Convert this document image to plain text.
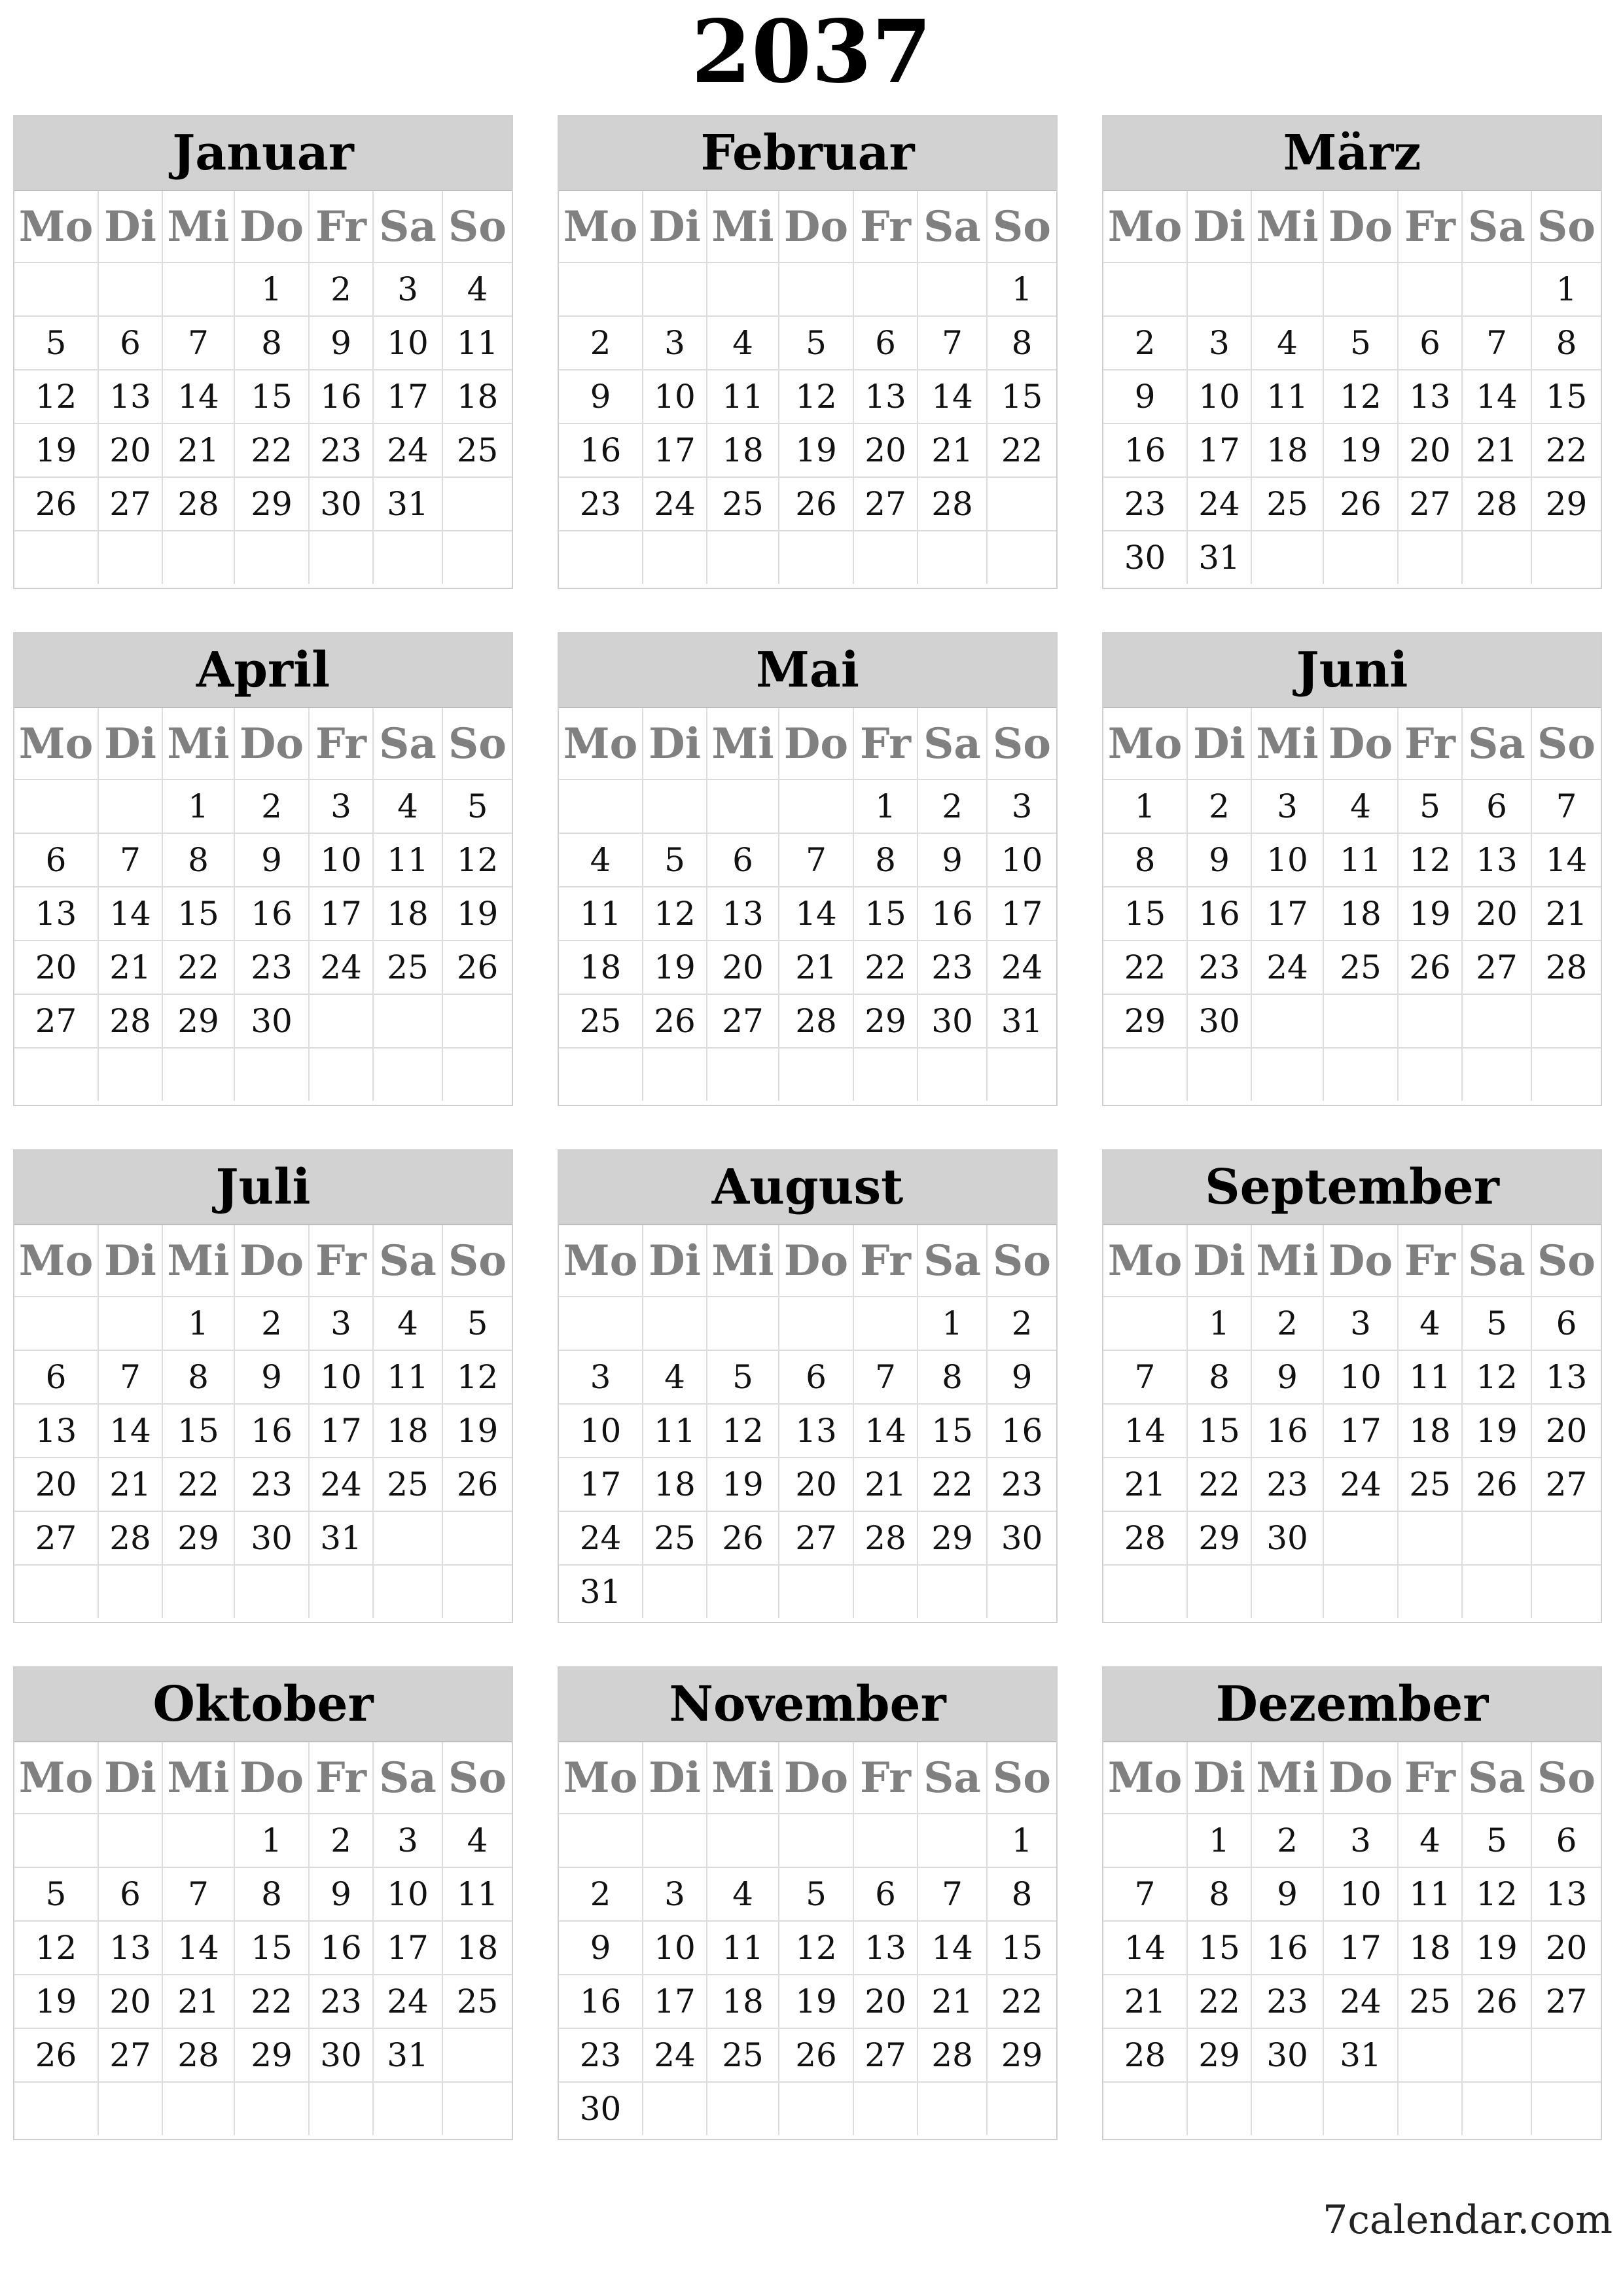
2037
Januar
Mo	Di	Mi	Do	Fr	Sa	So
			1	2	3	4
5	6	7	8	9	10	11
12	13	14	15	16	17	18
19	20	21	22	23	24	25
26	27	28	29	30	31	

Februar
Mo	Di	Mi	Do	Fr	Sa	So
						1
2	3	4	5	6	7	8
9	10	11	12	13	14	15
16	17	18	19	20	21	22
23	24	25	26	27	28	

März
Mo	Di	Mi	Do	Fr	Sa	So
						1
2	3	4	5	6	7	8
9	10	11	12	13	14	15
16	17	18	19	20	21	22
23	24	25	26	27	28	29
30	31					
April
Mo	Di	Mi	Do	Fr	Sa	So
		1	2	3	4	5
6	7	8	9	10	11	12
13	14	15	16	17	18	19
20	21	22	23	24	25	26
27	28	29	30			

Mai
Mo	Di	Mi	Do	Fr	Sa	So
				1	2	3
4	5	6	7	8	9	10
11	12	13	14	15	16	17
18	19	20	21	22	23	24
25	26	27	28	29	30	31

Juni
Mo	Di	Mi	Do	Fr	Sa	So
1	2	3	4	5	6	7
8	9	10	11	12	13	14
15	16	17	18	19	20	21
22	23	24	25	26	27	28
29	30					

Juli
Mo	Di	Mi	Do	Fr	Sa	So
		1	2	3	4	5
6	7	8	9	10	11	12
13	14	15	16	17	18	19
20	21	22	23	24	25	26
27	28	29	30	31		

August
Mo	Di	Mi	Do	Fr	Sa	So
					1	2
3	4	5	6	7	8	9
10	11	12	13	14	15	16
17	18	19	20	21	22	23
24	25	26	27	28	29	30
31						
September
Mo	Di	Mi	Do	Fr	Sa	So
	1	2	3	4	5	6
7	8	9	10	11	12	13
14	15	16	17	18	19	20
21	22	23	24	25	26	27
28	29	30				

Oktober
Mo	Di	Mi	Do	Fr	Sa	So
			1	2	3	4
5	6	7	8	9	10	11
12	13	14	15	16	17	18
19	20	21	22	23	24	25
26	27	28	29	30	31	

November
Mo	Di	Mi	Do	Fr	Sa	So
						1
2	3	4	5	6	7	8
9	10	11	12	13	14	15
16	17	18	19	20	21	22
23	24	25	26	27	28	29
30						
Dezember
Mo	Di	Mi	Do	Fr	Sa	So
	1	2	3	4	5	6
7	8	9	10	11	12	13
14	15	16	17	18	19	20
21	22	23	24	25	26	27
28	29	30	31			

7calendar.com
